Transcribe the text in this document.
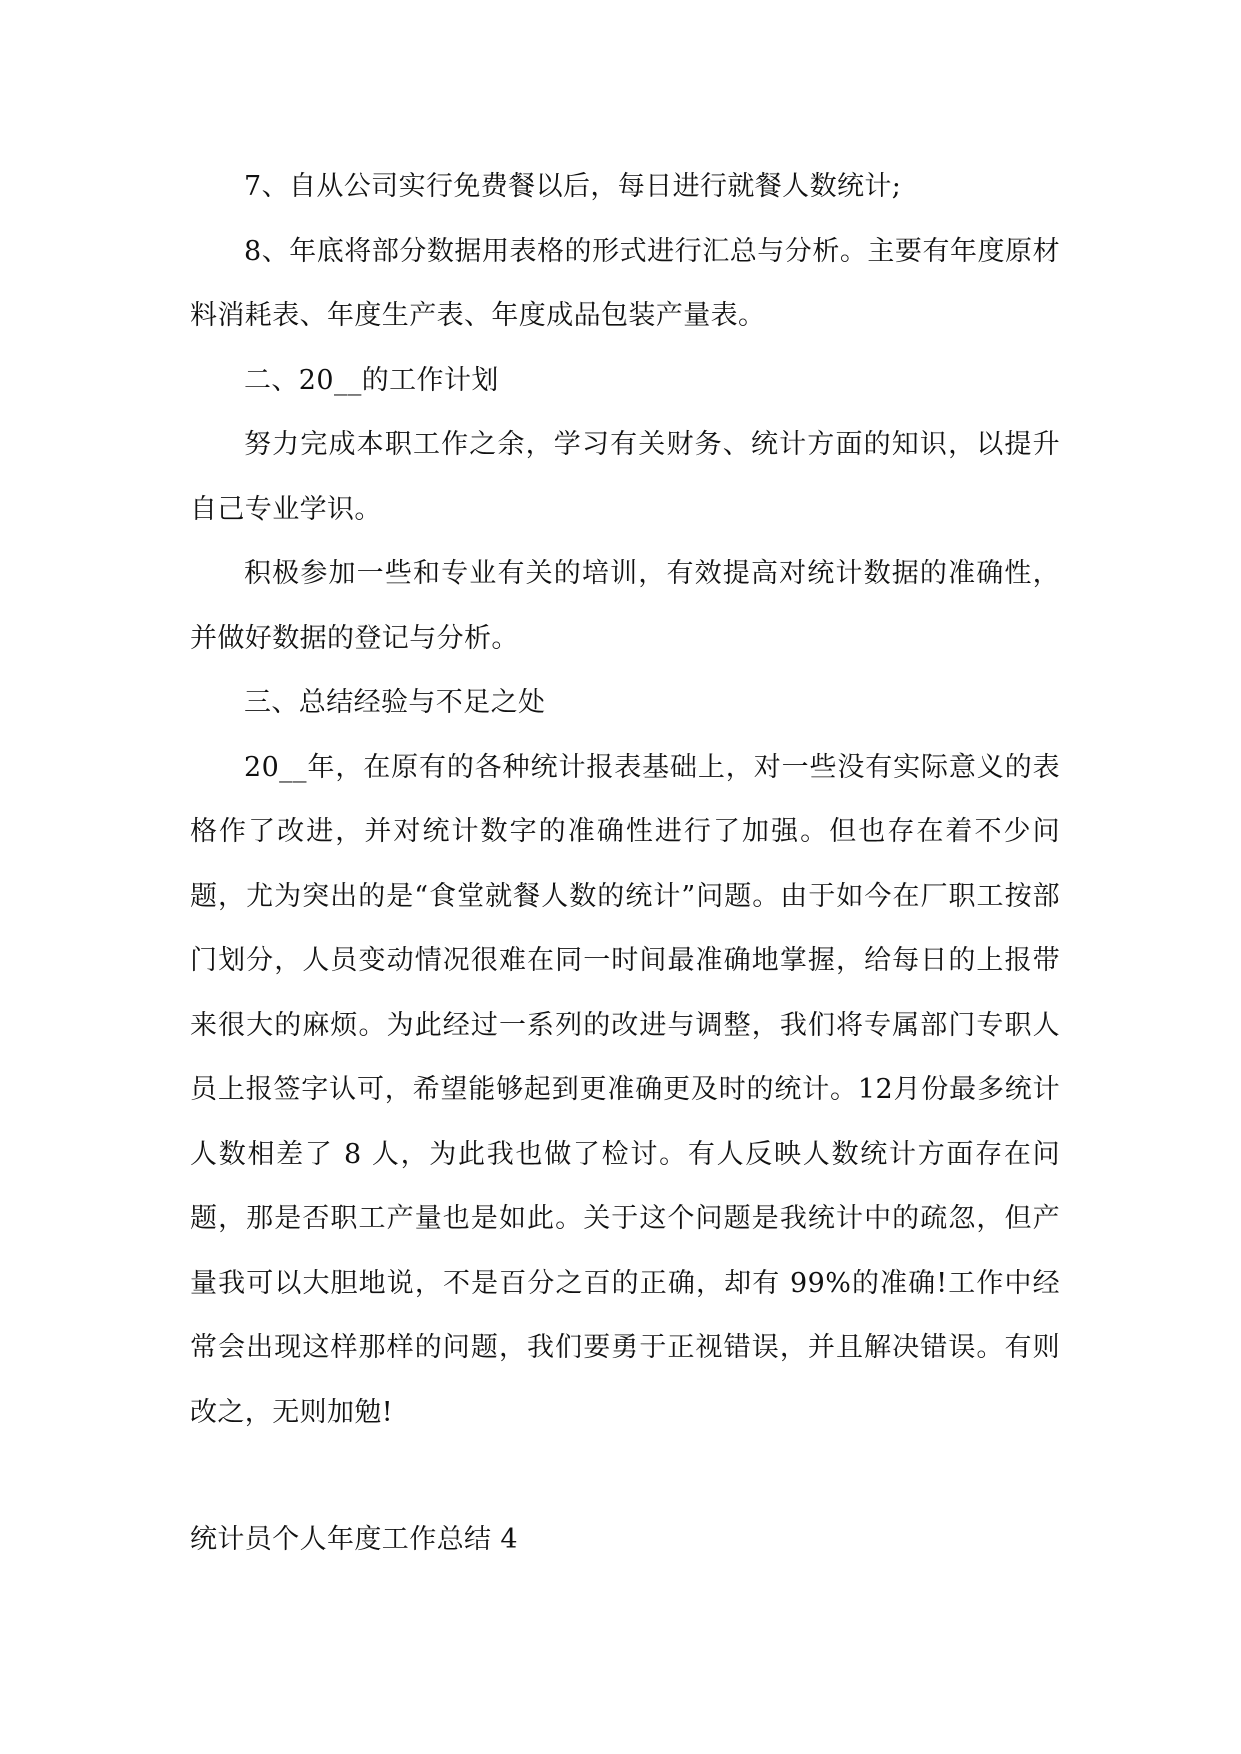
7、自从公司实行免费餐以后，每日进行就餐人数统计;

8、年底将部分数据用表格的形式进行汇总与分析。主要有年度原材料消耗表、年度生产表、年度成品包装产量表。

二、20__的工作计划

努力完成本职工作之余，学习有关财务、统计方面的知识，以提升自己专业学识。

积极参加一些和专业有关的培训，有效提高对统计数据的准确性，并做好数据的登记与分析。

三、总结经验与不足之处

20__年，在原有的各种统计报表基础上，对一些没有实际意义的表格作了改进，并对统计数字的准确性进行了加强。但也存在着不少问题，尤为突出的是“食堂就餐人数的统计”问题。由于如今在厂职工按部门划分，人员变动情况很难在同一时间最准确地掌握，给每日的上报带来很大的麻烦。为此经过一系列的改进与调整，我们将专属部门专职人员上报签字认可，希望能够起到更准确更及时的统计。12月份最多统计人数相差了 8 人，为此我也做了检讨。有人反映人数统计方面存在问题，那是否职工产量也是如此。关于这个问题是我统计中的疏忽，但产量我可以大胆地说，不是百分之百的正确，却有 99%的准确!工作中经常会出现这样那样的问题，我们要勇于正视错误，并且解决错误。有则改之，无则加勉!

统计员个人年度工作总结 4
